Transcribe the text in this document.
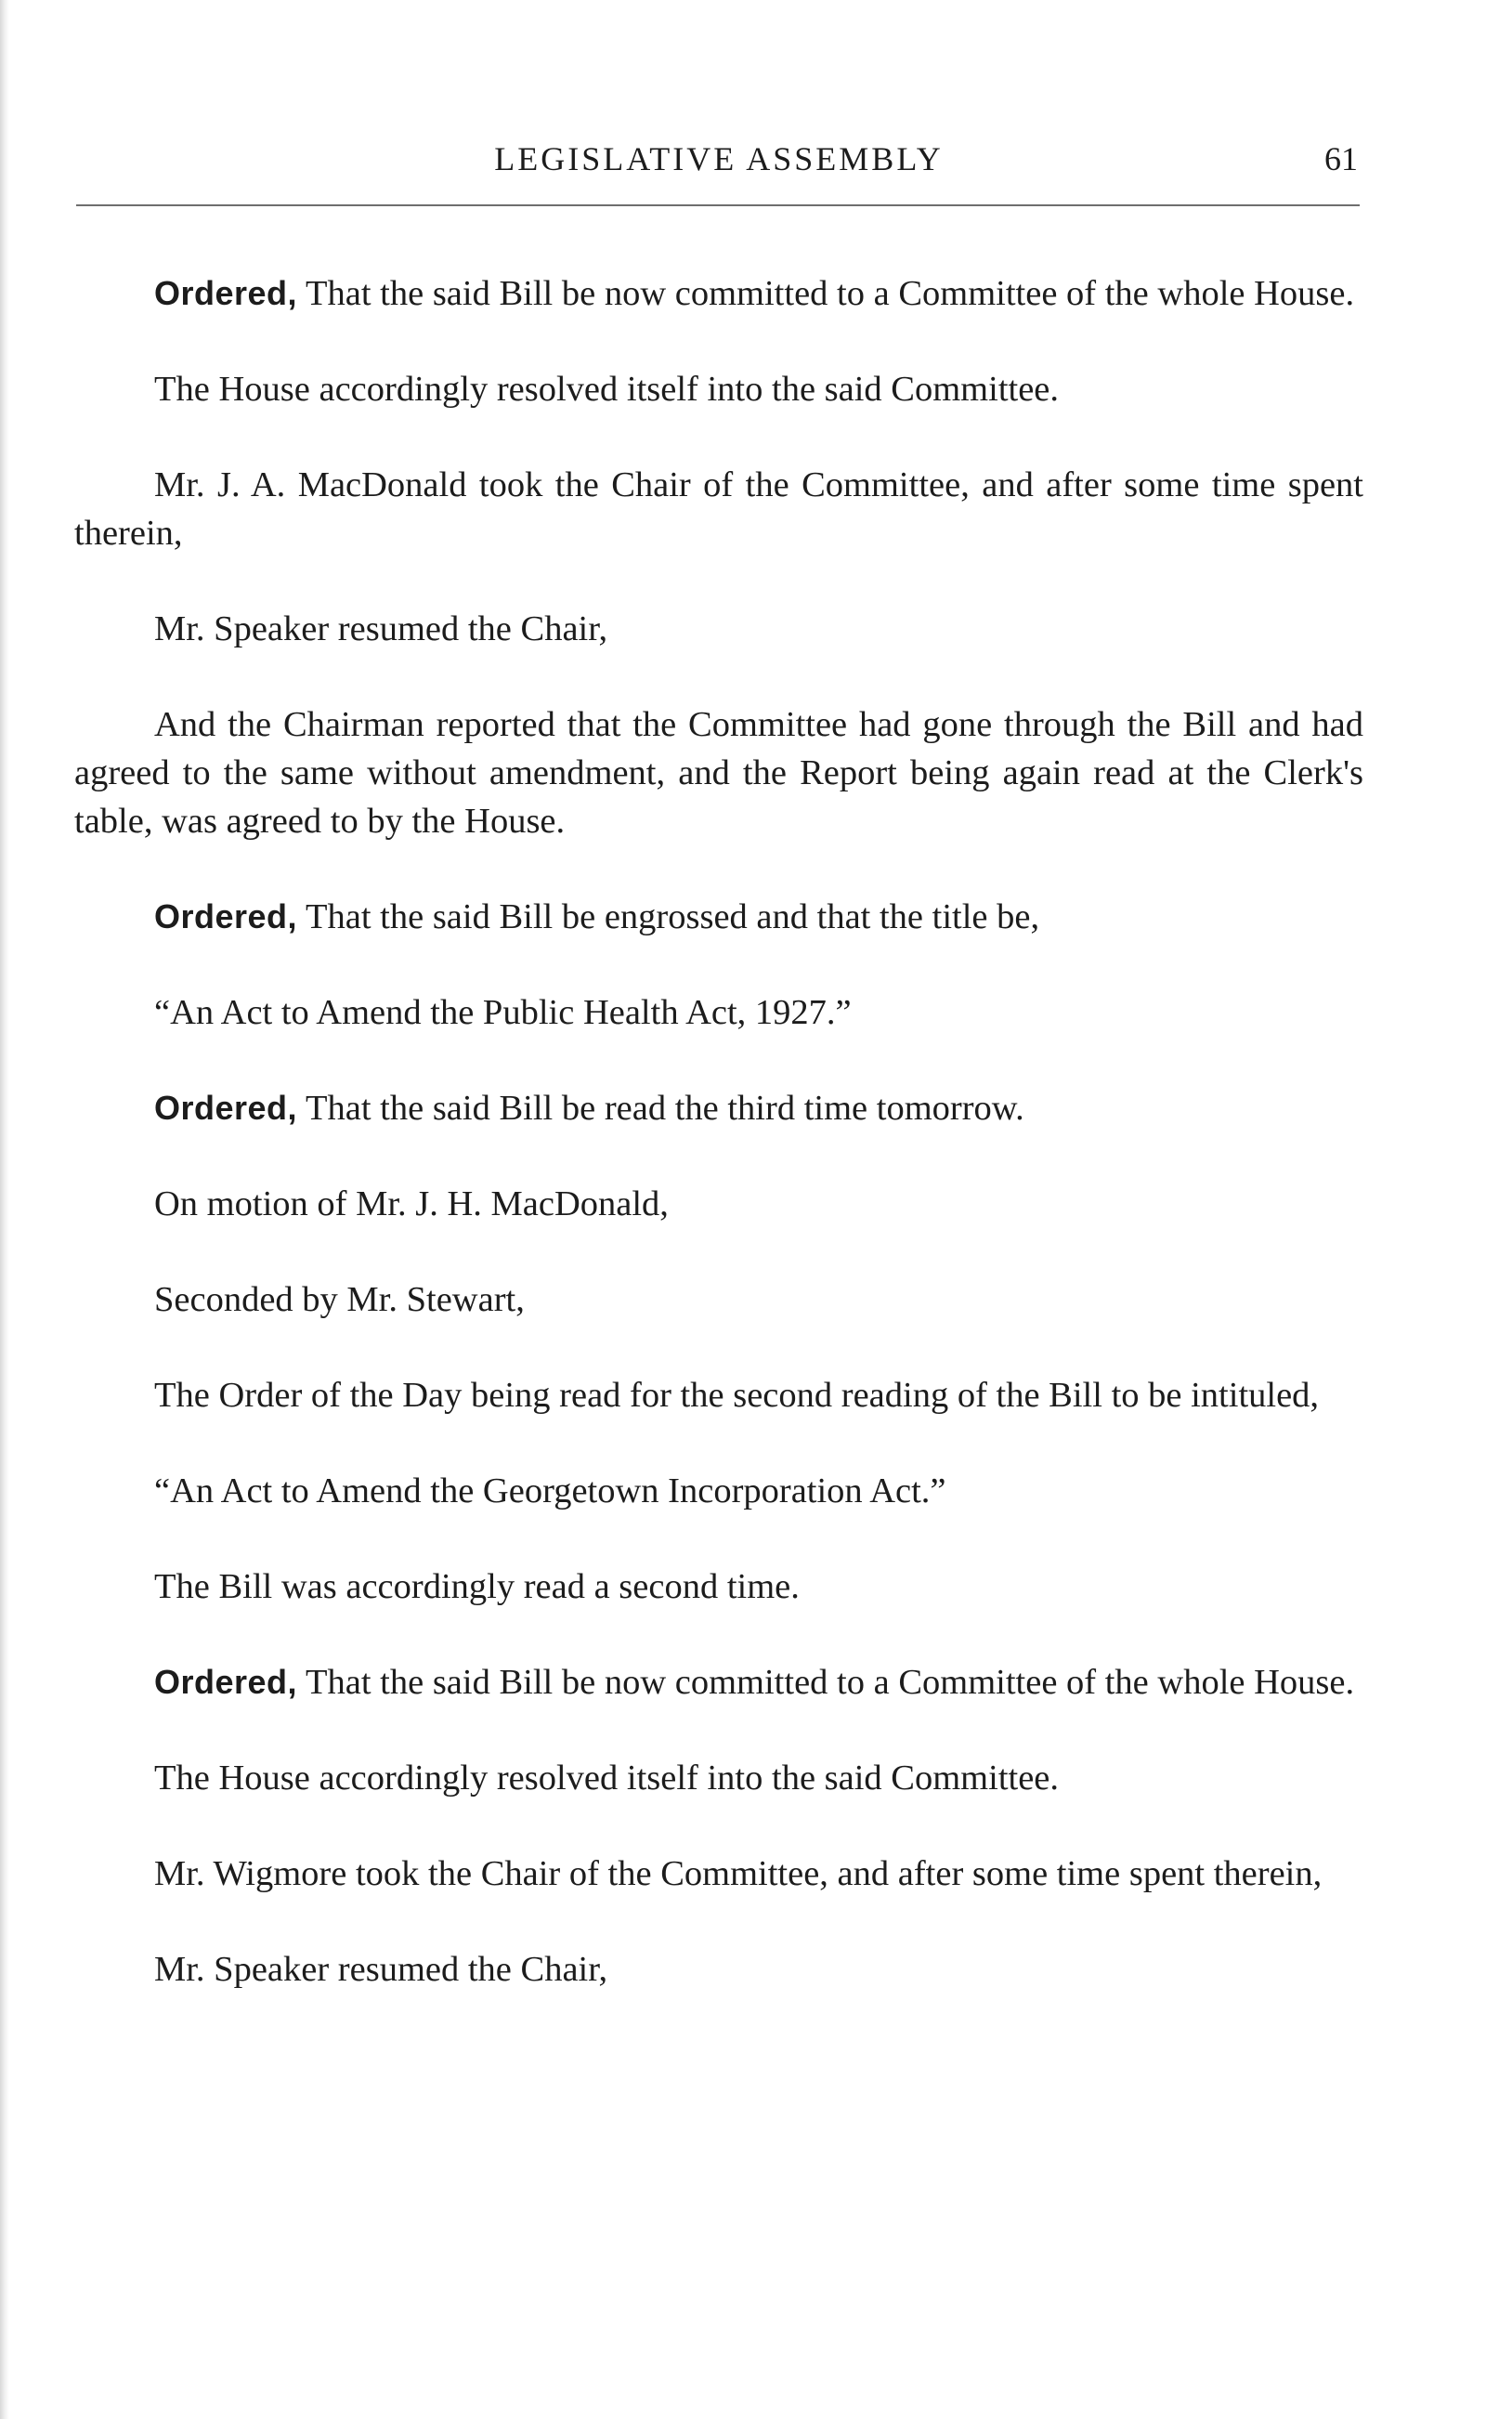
LEGISLATIVE ASSEMBLY	61

Ordered, That the said Bill be now committed to a Committee of the whole House.

The House accordingly resolved itself into the said Committee.

Mr. J. A. MacDonald took the Chair of the Committee, and after some time spent therein,

Mr. Speaker resumed the Chair,

And the Chairman reported that the Committee had gone through the Bill and had agreed to the same without amendment, and the Report being again read at the Clerk's table, was agreed to by the House.

Ordered, That the said Bill be engrossed and that the title be,

“An Act to Amend the Public Health Act, 1927.”

Ordered, That the said Bill be read the third time tomorrow.

On motion of Mr. J. H. MacDonald,

Seconded by Mr. Stewart,

The Order of the Day being read for the second reading of the Bill to be intituled,

“An Act to Amend the Georgetown Incorporation Act.”

The Bill was accordingly read a second time.

Ordered, That the said Bill be now committed to a Committee of the whole House.

The House accordingly resolved itself into the said Committee.

Mr. Wigmore took the Chair of the Committee, and after some time spent therein,

Mr. Speaker resumed the Chair,
